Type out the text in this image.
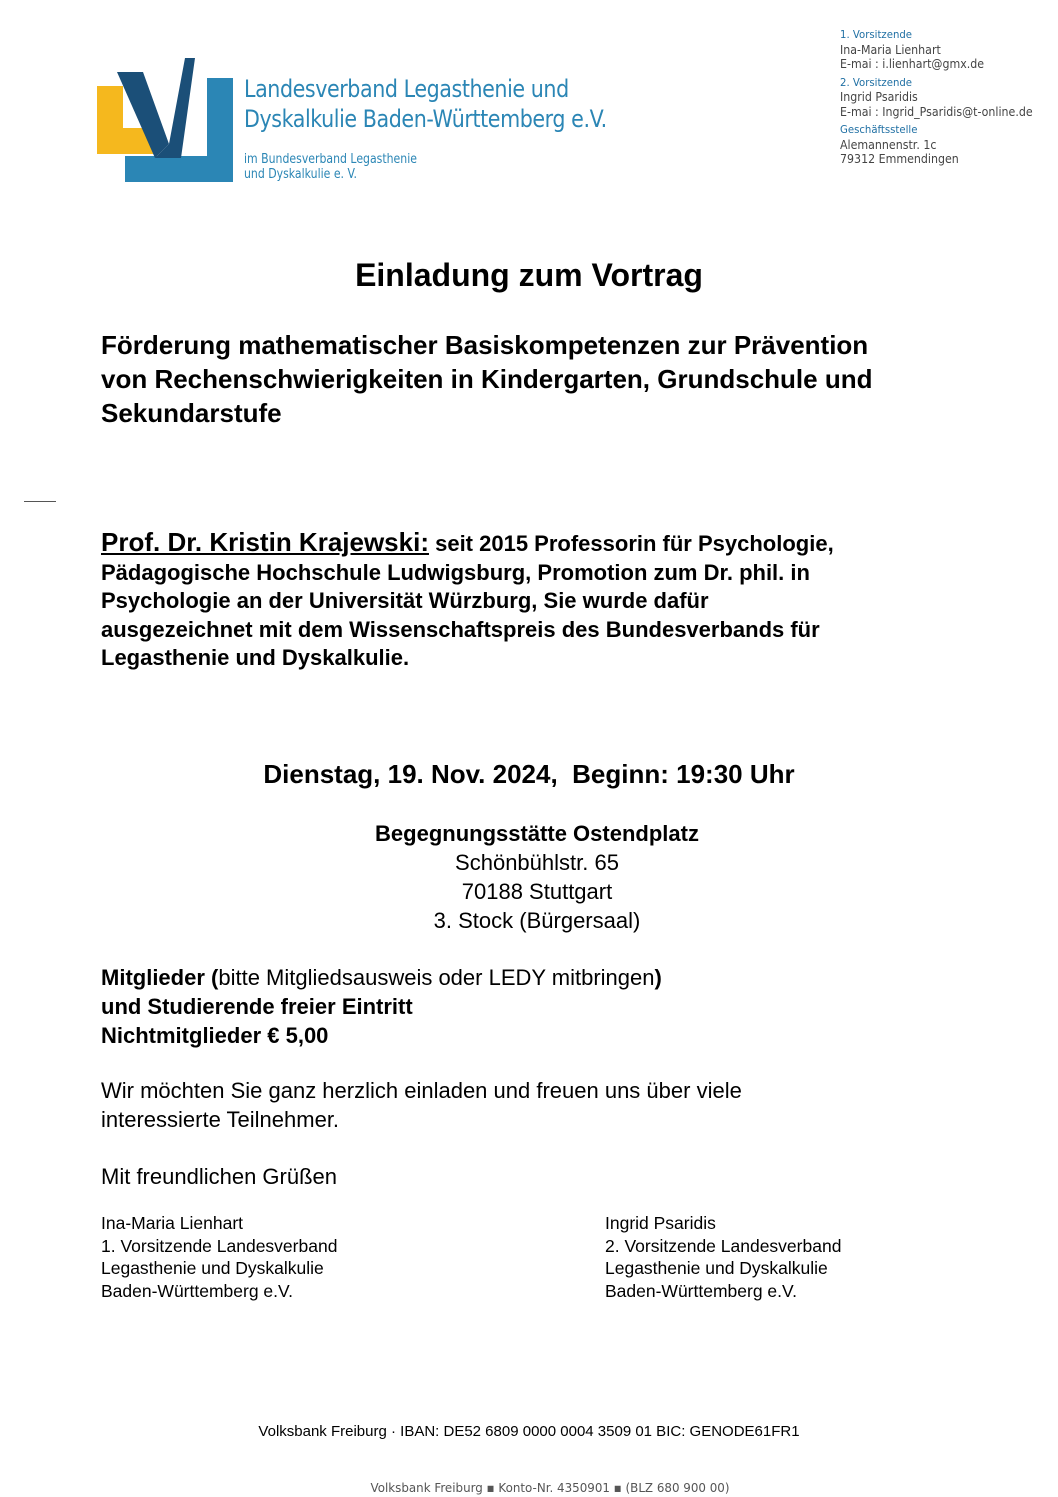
Landesverband Legasthenie und
Dyskalkulie Baden-Württemberg e.V.
im Bundesverband Legasthenie
und Dyskalkulie e. V.
1. Vorsitzende
Ina-Maria Lienhart
E-mai : i.lienhart@gmx.de
2. Vorsitzende
Ingrid Psaridis
E-mai : Ingrid_Psaridis@t-online.de
Geschäftsstelle
Alemannenstr. 1c
79312 Emmendingen
Einladung zum Vortrag
Förderung mathematischer Basiskompetenzen zur Prävention
von Rechenschwierigkeiten in Kindergarten, Grundschule und
Sekundarstufe
Prof. Dr. Kristin Krajewski: seit 2015 Professorin für Psychologie,
Pädagogische Hochschule Ludwigsburg, Promotion zum Dr. phil. in
Psychologie an der Universität Würzburg, Sie wurde dafür
ausgezeichnet mit dem Wissenschaftspreis des Bundesverbands für
Legasthenie und Dyskalkulie.
Dienstag, 19. Nov. 2024,  Beginn: 19:30 Uhr
Begegnungsstätte Ostendplatz
Schönbühlstr. 65
70188 Stuttgart
3. Stock (Bürgersaal)
Mitglieder (bitte Mitgliedsausweis oder LEDY mitbringen)
und Studierende freier Eintritt
Nichtmitglieder € 5,00
Wir möchten Sie ganz herzlich einladen und freuen uns über viele
interessierte Teilnehmer.
Mit freundlichen Grüßen
Ina-Maria Lienhart
1. Vorsitzende Landesverband
Legasthenie und Dyskalkulie
Baden-Württemberg e.V.
Ingrid Psaridis
2. Vorsitzende Landesverband
Legasthenie und Dyskalkulie
Baden-Württemberg e.V.
Volksbank Freiburg · IBAN: DE52 6809 0000 0004 3509 01 BIC: GENODE61FR1
Volksbank Freiburg ▪ Konto-Nr. 4350901 ▪ (BLZ 680 900 00)
